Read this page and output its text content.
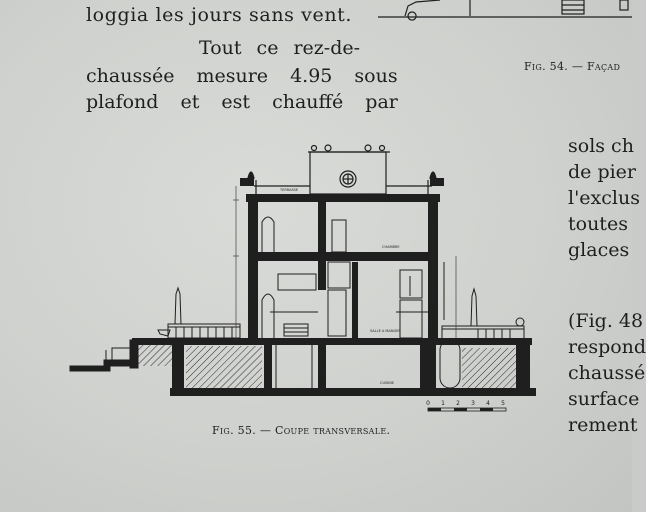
loggia les jours sans vent.
Tout ce rez-de-
chaussée mesure 4.95 sous
plafond et est chauffé par
sols ch
de pier
l'exclus
toutes
glaces
(Fig. 48
respond
chaussé
surface
rement
Fig. 54. — Façad
TERRASSE
CHAMBRE
SALLE A MANGER
CUISINE
0 1 2 3 4 5
Fig. 55. — Coupe transversale.
